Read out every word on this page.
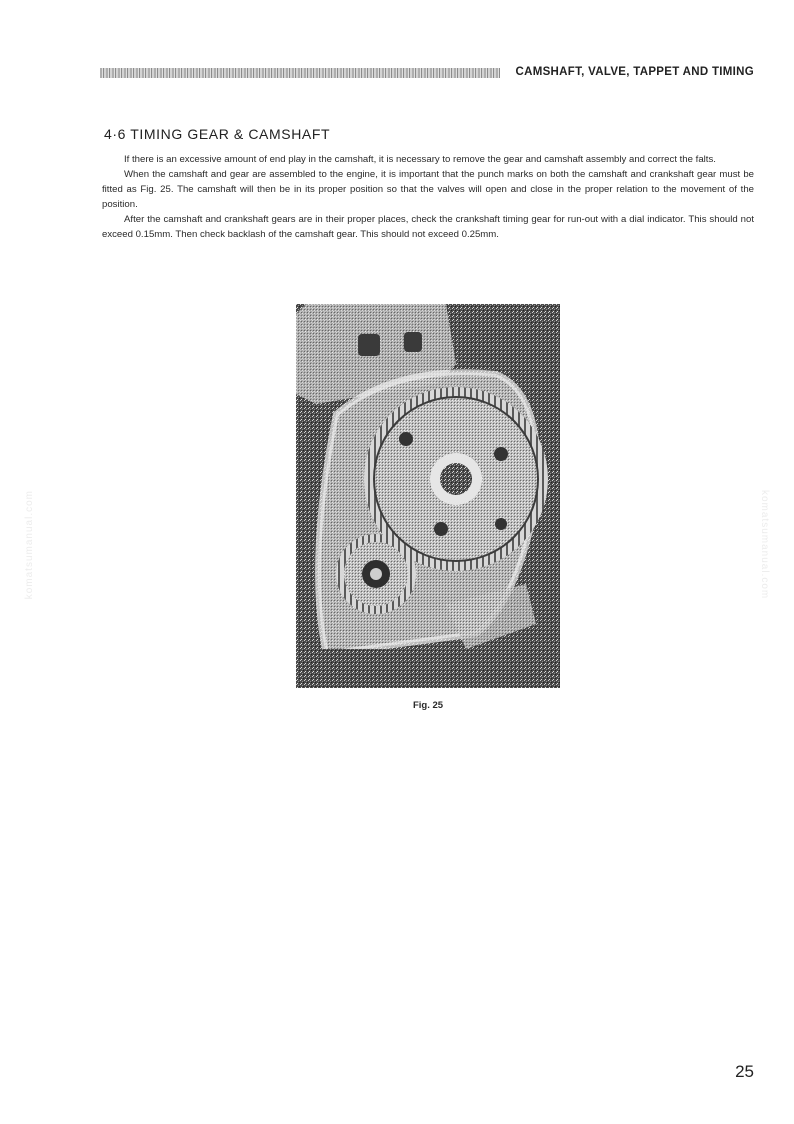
CAMSHAFT, VALVE, TAPPET AND TIMING
4·6 TIMING GEAR & CAMSHAFT

If there is an excessive amount of end play in the camshaft, it is necessary to remove the gear and camshaft assembly and correct the falts.

When the camshaft and gear are assembled to the engine, it is important that the punch marks on both the camshaft and crankshaft gear must be fitted as Fig. 25. The camshaft will then be in its proper position so that the valves will open and close in the proper relation to the movement of the position.

After the camshaft and crankshaft gears are in their proper places, check the crankshaft timing gear for run-out with a dial indicator. This should not exceed 0.15mm. Then check backlash of the camshaft gear. This should not exceed 0.25mm.

Fig. 25
komatsumanual.com	komatsumanual.com
25
